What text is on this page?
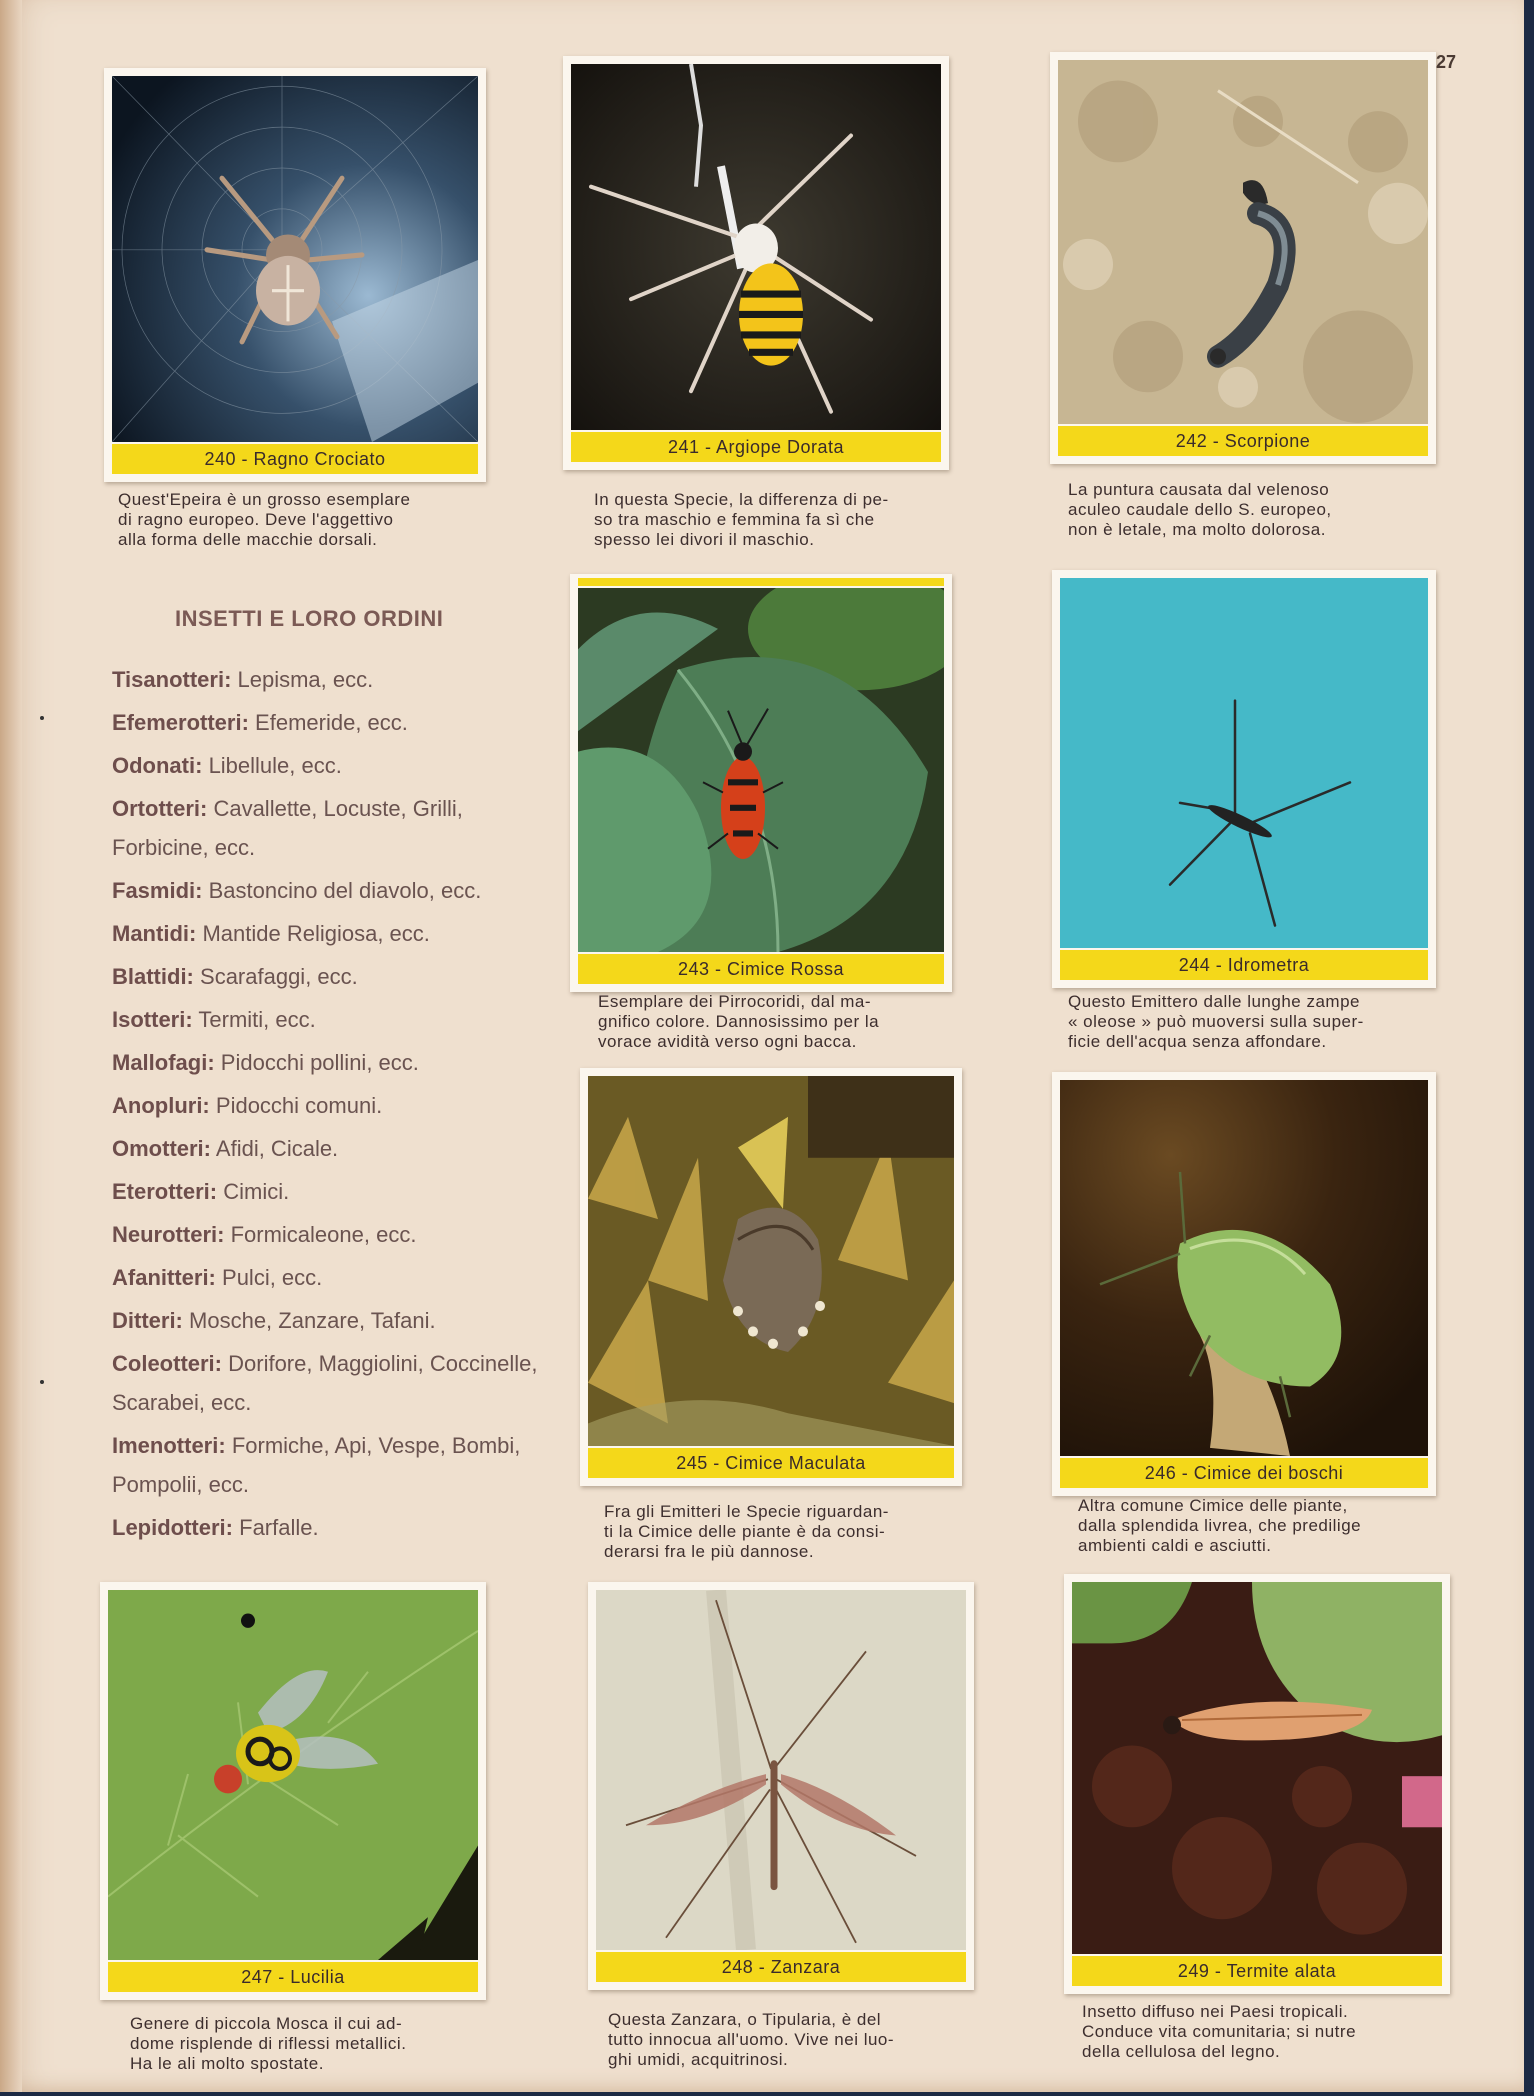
27
240 - Ragno Crociato
Quest'Epeira è un grosso esemplare
di ragno europeo. Deve l'aggettivo
alla forma delle macchie dorsali.
241 - Argiope Dorata
In questa Specie, la differenza di pe-
so tra maschio e femmina fa sì che
spesso lei divori il maschio.
242 - Scorpione
La puntura causata dal velenoso
aculeo caudale dello S. europeo,
non è letale, ma molto dolorosa.
INSETTI E LORO ORDINI
Tisanotteri: Lepisma, ecc.
Efemerotteri: Efemeride, ecc.
Odonati: Libellule, ecc.
Ortotteri: Cavallette, Locuste, Grilli, Forbicine, ecc.
Fasmidi: Bastoncino del diavolo, ecc.
Mantidi: Mantide Religiosa, ecc.
Blattidi: Scarafaggi, ecc.
Isotteri: Termiti, ecc.
Mallofagi: Pidocchi pollini, ecc.
Anopluri: Pidocchi comuni.
Omotteri: Afidi, Cicale.
Eterotteri: Cimici.
Neurotteri: Formicaleone, ecc.
Afanitteri: Pulci, ecc.
Ditteri: Mosche, Zanzare, Tafani.
Coleotteri: Dorifore, Maggiolini, Coccinelle, Scarabei, ecc.
Imenotteri: Formiche, Api, Vespe, Bombi, Pompolii, ecc.
Lepidotteri: Farfalle.
243 - Cimice Rossa
Esemplare dei Pirrocoridi, dal ma-
gnifico colore. Dannosissimo per la
vorace avidità verso ogni bacca.
244 - Idrometra
Questo Emittero dalle lunghe zampe
« oleose » può muoversi sulla super-
ficie dell'acqua senza affondare.
245 - Cimice Maculata
Fra gli Emitteri le Specie riguardan-
ti la Cimice delle piante è da consi-
derarsi fra le più dannose.
246 - Cimice dei boschi
Altra comune Cimice delle piante,
dalla splendida livrea, che predilige
ambienti caldi e asciutti.
247 - Lucilia
Genere di piccola Mosca il cui ad-
dome risplende di riflessi metallici.
Ha le ali molto spostate.
248 - Zanzara
Questa Zanzara, o Tipularia, è del
tutto innocua all'uomo. Vive nei luo-
ghi umidi, acquitrinosi.
249 - Termite alata
Insetto diffuso nei Paesi tropicali.
Conduce vita comunitaria; si nutre
della cellulosa del legno.
